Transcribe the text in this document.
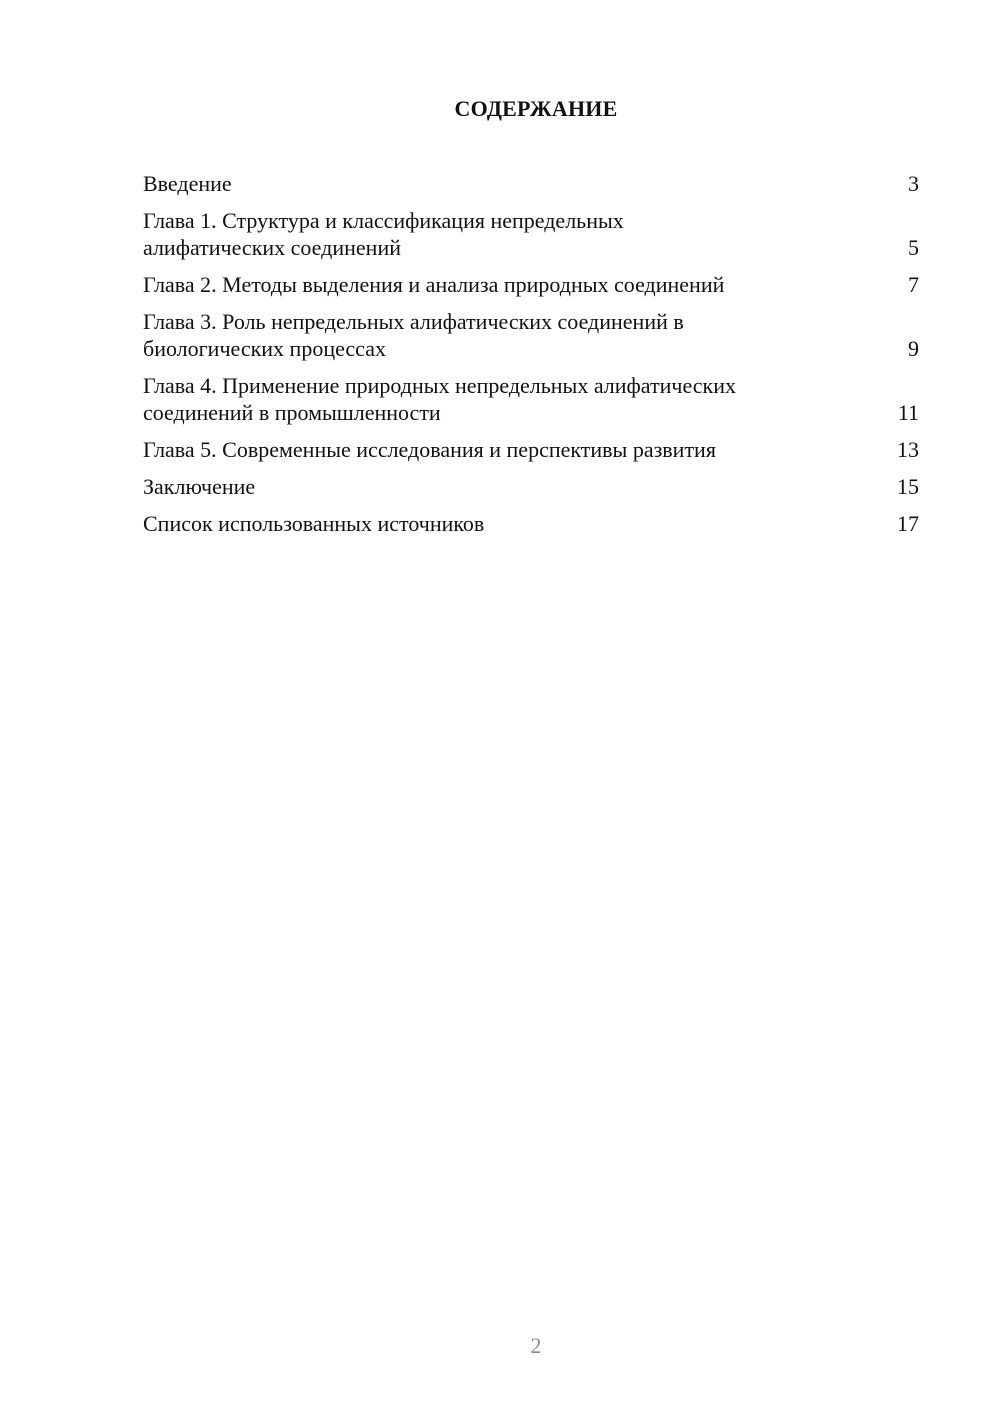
СОДЕРЖАНИЕ
Введение	3
Глава 1. Структура и классификация непредельных
алифатических соединений	5
Глава 2. Методы выделения и анализа природных соединений	7
Глава 3. Роль непредельных алифатических соединений в
биологических процессах	9
Глава 4. Применение природных непредельных алифатических
соединений в промышленности	11
Глава 5. Современные исследования и перспективы развития	13
Заключение	15
Список использованных источников	17
2
